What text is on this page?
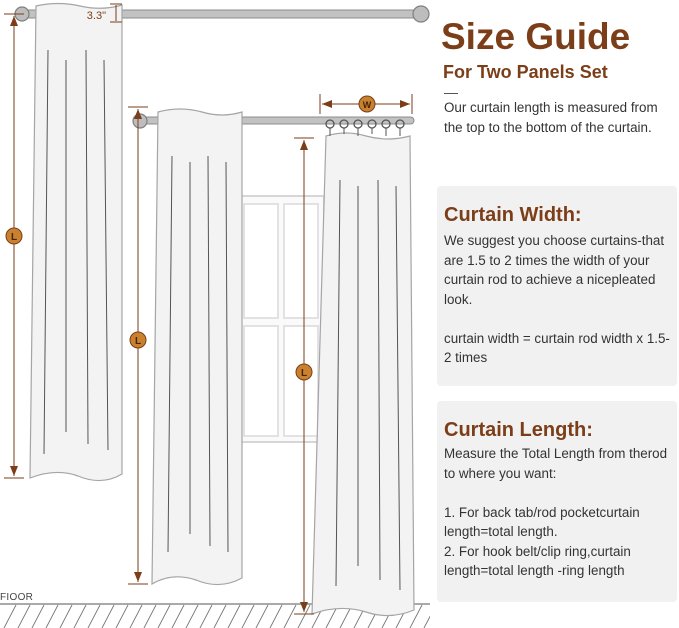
L
L
L
W
3.3"
FIOOR
Size Guide
For Two Panels Set
Our curtain length is measured from the top to the bottom of the curtain.
Curtain Width:
We suggest you choose curtains-that are 1.5 to 2 times the width of your curtain rod to achieve a nicepleated look.
curtain width = curtain rod width x 1.5-2 times
Curtain Length:
Measure the Total Length from therod to where you want:
1. For back tab/rod pocketcurtain length=total length.
2. For hook belt/clip ring,curtain length=total length -ring length
